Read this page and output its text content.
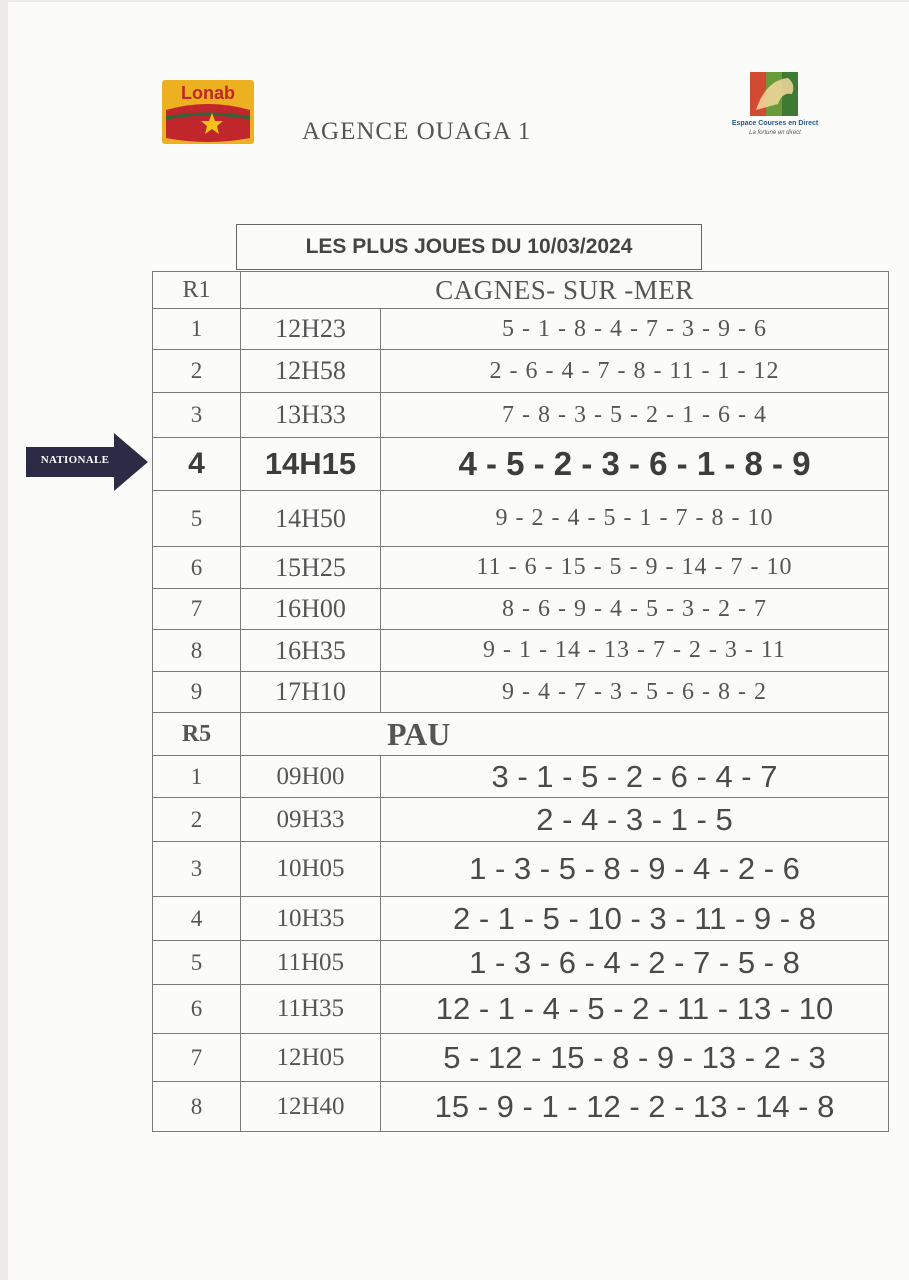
Lonab
Espace Courses en Direct
La fortune en direct
AGENCE OUAGA 1
LES PLUS JOUES DU 10/03/2024
NATIONALE
R1	CAGNES- SUR -MER	
1	12H23	5 - 1 - 8 - 4 - 7 - 3 - 9 - 6
2	12H58	2 - 6 - 4 - 7 - 8 - 11 - 1 - 12
3	13H33	7 - 8 - 3 - 5 - 2 - 1 - 6 - 4
4	14H15	4 - 5 - 2 - 3 - 6 - 1 - 8 - 9
5	14H50	9 - 2 - 4 - 5 - 1 - 7 - 8 - 10
6	15H25	11 - 6 - 15 - 5 - 9 - 14 - 7 - 10
7	16H00	8 - 6 - 9 - 4 - 5 - 3 - 2 - 7
8	16H35	9 - 1 - 14 - 13 - 7 - 2 - 3 - 11
9	17H10	9 - 4 - 7 - 3 - 5 - 6 - 8 - 2
R5	PAU	
1	09H00	3 - 1 - 5 - 2 - 6 - 4 - 7
2	09H33	2 - 4 - 3 - 1 - 5
3	10H05	1 - 3 - 5 - 8 - 9 - 4 - 2 - 6
4	10H35	2 - 1 - 5 - 10 - 3 - 11 - 9 - 8
5	11H05	1 - 3 - 6 - 4 - 2 - 7 - 5 - 8
6	11H35	12 - 1 - 4 - 5 - 2 - 11 - 13 - 10
7	12H05	5 - 12 - 15 - 8 - 9 - 13 - 2 - 3
8	12H40	15 - 9 - 1 - 12 - 2 - 13 - 14 - 8
